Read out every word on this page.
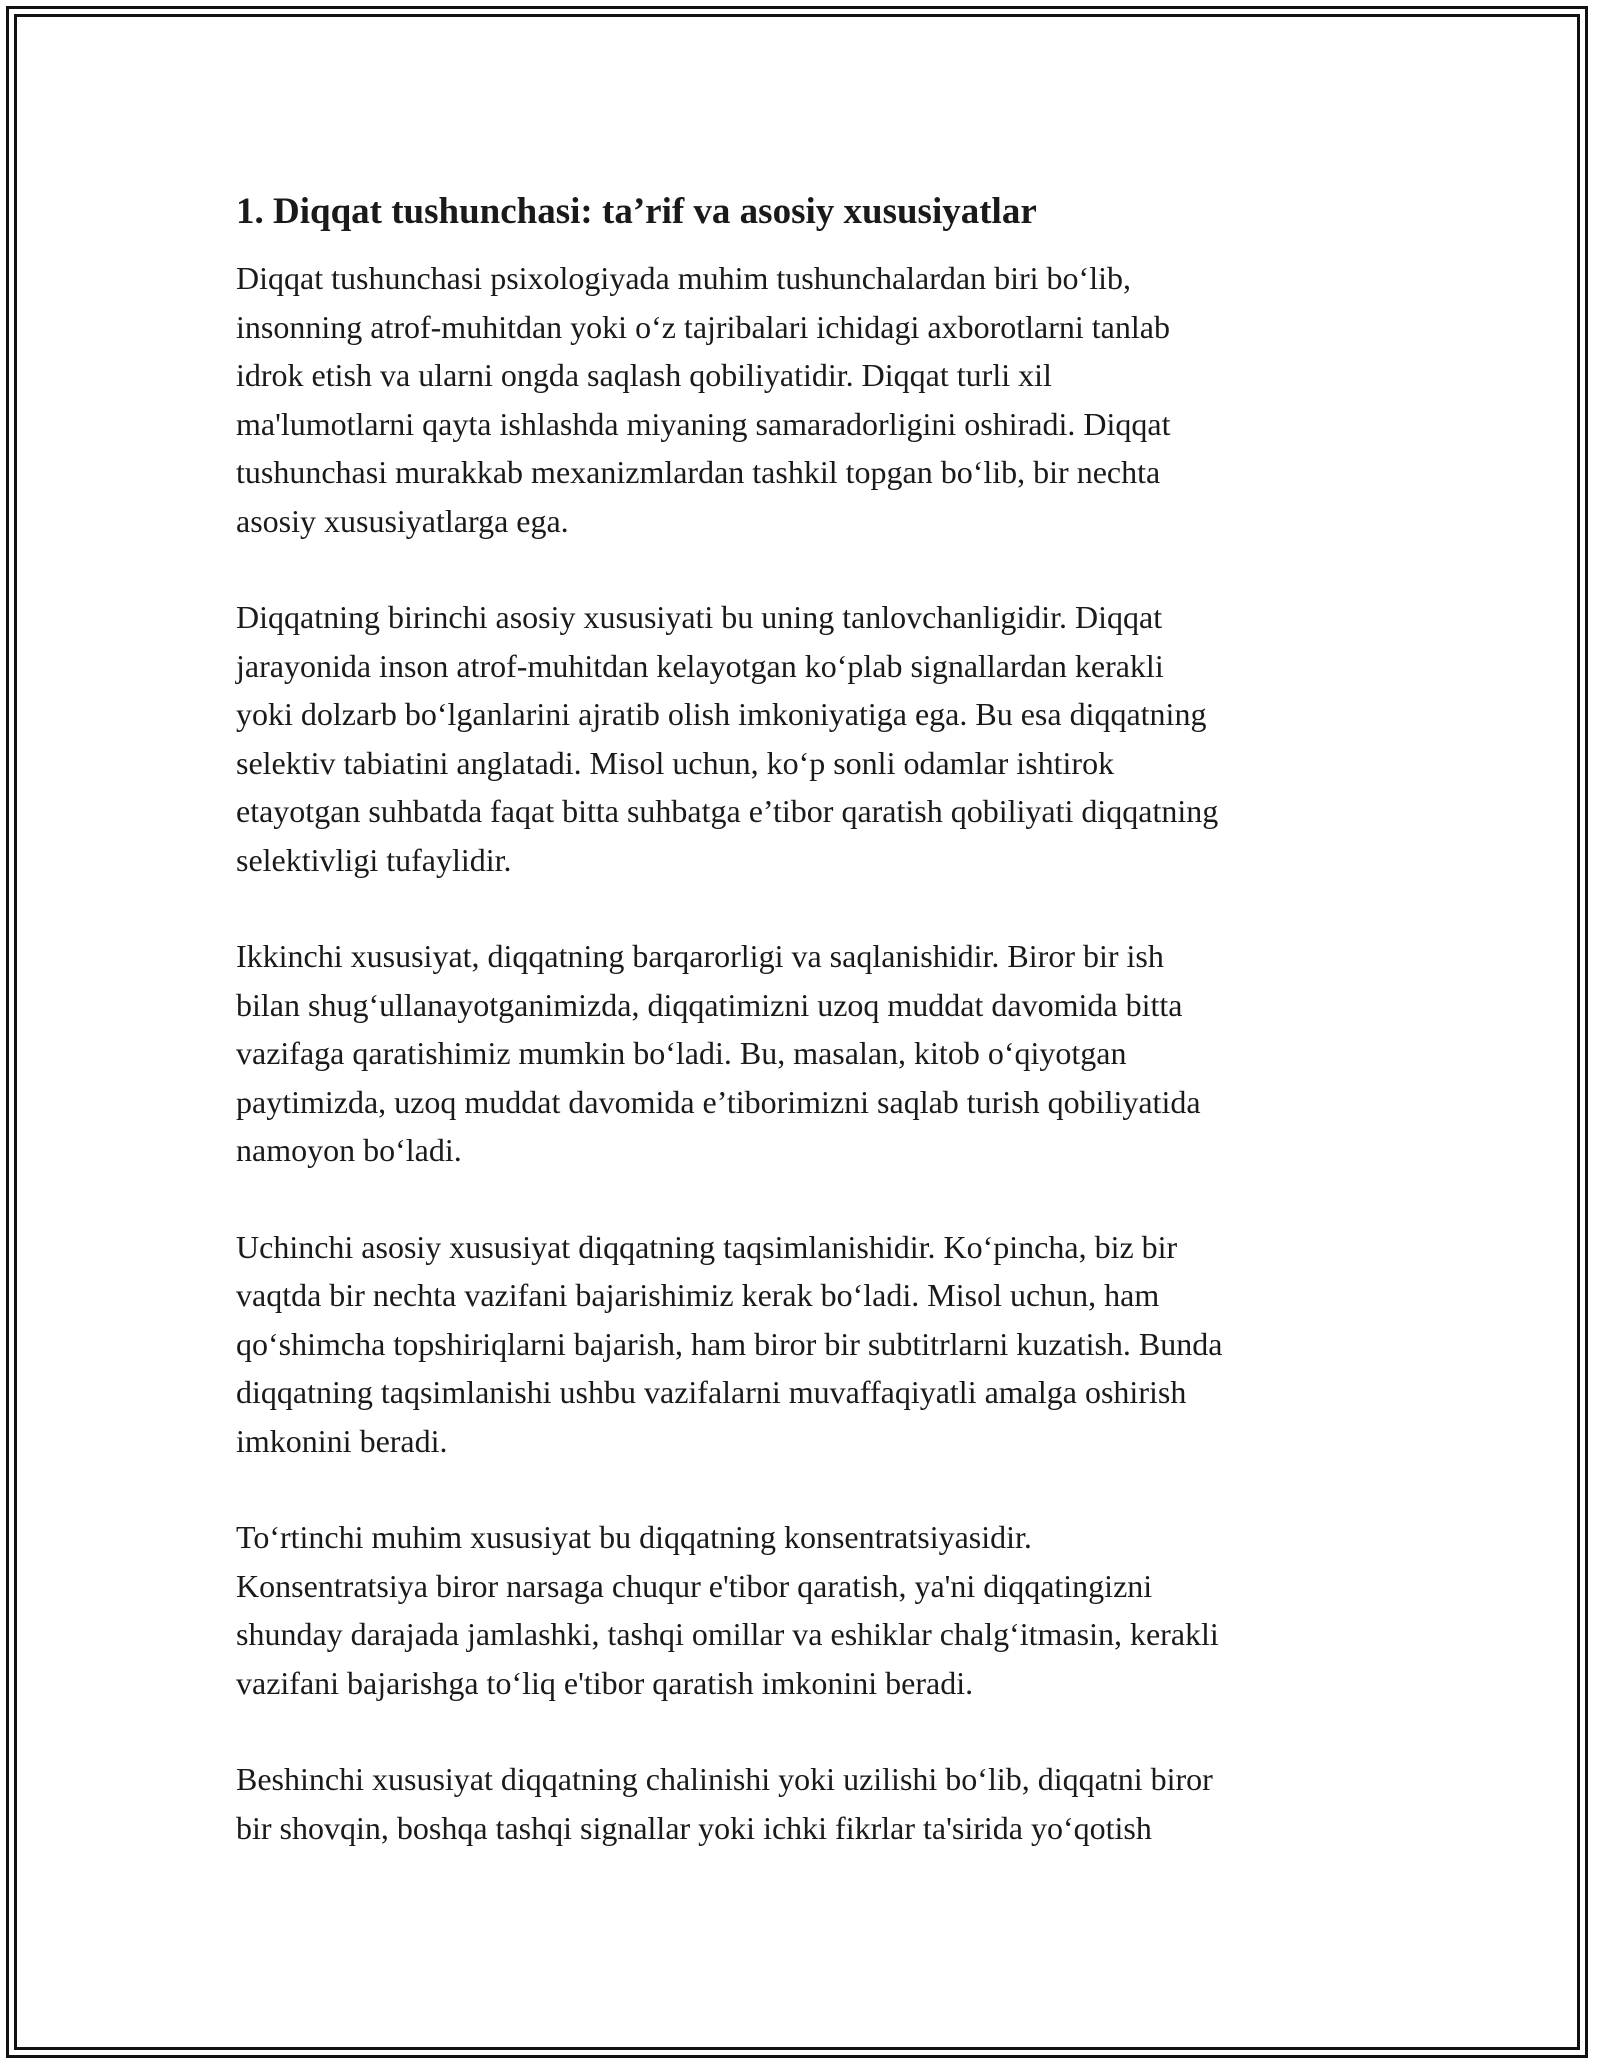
1. Diqqat tushunchasi: ta’rif va asosiy xususiyatlar
Diqqat tushunchasi psixologiyada muhim tushunchalardan biri bo‘lib,
insonning atrof-muhitdan yoki o‘z tajribalari ichidagi axborotlarni tanlab
idrok etish va ularni ongda saqlash qobiliyatidir. Diqqat turli xil
ma'lumotlarni qayta ishlashda miyaning samaradorligini oshiradi. Diqqat
tushunchasi murakkab mexanizmlardan tashkil topgan bo‘lib, bir nechta
asosiy xususiyatlarga ega.
Diqqatning birinchi asosiy xususiyati bu uning tanlovchanligidir. Diqqat
jarayonida inson atrof-muhitdan kelayotgan ko‘plab signallardan kerakli
yoki dolzarb bo‘lganlarini ajratib olish imkoniyatiga ega. Bu esa diqqatning
selektiv tabiatini anglatadi. Misol uchun, ko‘p sonli odamlar ishtirok
etayotgan suhbatda faqat bitta suhbatga e’tibor qaratish qobiliyati diqqatning
selektivligi tufaylidir.
Ikkinchi xususiyat, diqqatning barqarorligi va saqlanishidir. Biror bir ish
bilan shug‘ullanayotganimizda, diqqatimizni uzoq muddat davomida bitta
vazifaga qaratishimiz mumkin bo‘ladi. Bu, masalan, kitob o‘qiyotgan
paytimizda, uzoq muddat davomida e’tiborimizni saqlab turish qobiliyatida
namoyon bo‘ladi.
Uchinchi asosiy xususiyat diqqatning taqsimlanishidir. Ko‘pincha, biz bir
vaqtda bir nechta vazifani bajarishimiz kerak bo‘ladi. Misol uchun, ham
qo‘shimcha topshiriqlarni bajarish, ham biror bir subtitrlarni kuzatish. Bunda
diqqatning taqsimlanishi ushbu vazifalarni muvaffaqiyatli amalga oshirish
imkonini beradi.
To‘rtinchi muhim xususiyat bu diqqatning konsentratsiyasidir.
Konsentratsiya biror narsaga chuqur e'tibor qaratish, ya'ni diqqatingizni
shunday darajada jamlashki, tashqi omillar va eshiklar chalg‘itmasin, kerakli
vazifani bajarishga to‘liq e'tibor qaratish imkonini beradi.
Beshinchi xususiyat diqqatning chalinishi yoki uzilishi bo‘lib, diqqatni biror
bir shovqin, boshqa tashqi signallar yoki ichki fikrlar ta'sirida yo‘qotish
